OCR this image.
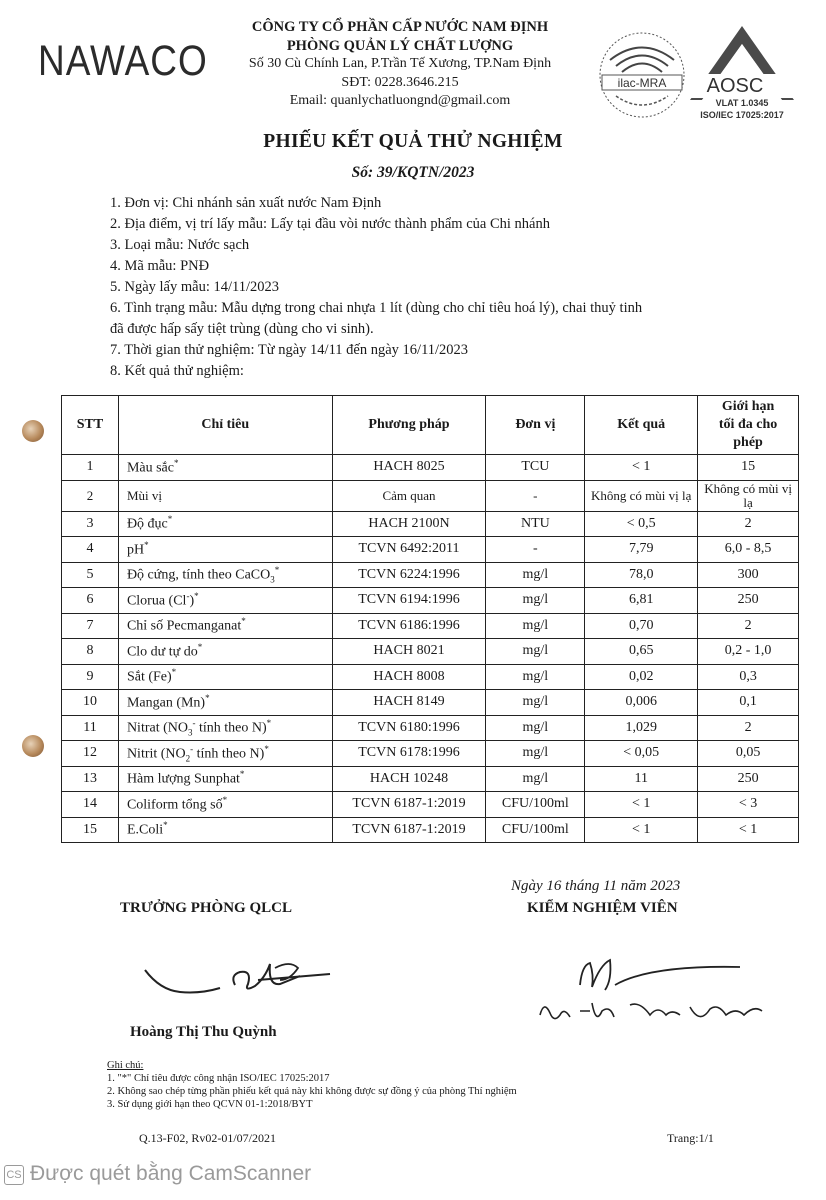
NAWACO
CÔNG TY CỔ PHẦN CẤP NƯỚC NAM ĐỊNH
PHÒNG QUẢN LÝ CHẤT LƯỢNG
Số 30 Cù Chính Lan, P.Trần Tế Xương, TP.Nam Định
SĐT: 0228.3646.215
Email: quanlychatluongnd@gmail.com
ilac-MRA AOSC
VLAT 1.0345
ISO/IEC 17025:2017
PHIẾU KẾT QUẢ THỬ NGHIỆM
Số: 39/KQTN/2023
1. Đơn vị: Chi nhánh sản xuất nước Nam Định
2. Địa điểm, vị trí lấy mẫu: Lấy tại đầu vòi nước thành phẩm của Chi nhánh
3. Loại mẫu: Nước sạch
4. Mã mẫu: PNĐ
5. Ngày lấy mẫu: 14/11/2023
6. Tình trạng mẫu: Mẫu dựng trong chai nhựa 1 lít (dùng cho chỉ tiêu hoá lý), chai thuỷ tinh
đã được hấp sấy tiệt trùng (dùng cho vi sinh).
7. Thời gian thử nghiệm: Từ ngày 14/11 đến ngày 16/11/2023
8. Kết quả thử nghiệm:
STT	Chỉ tiêu	Phương pháp	Đơn vị	Kết quả	Giới hạn
tối đa cho
phép

1	Màu sắc*	HACH 8025	TCU	< 1	15
2	Mùi vị	Cảm quan	-	Không có mùi vị lạ	Không có mùi vị lạ
3	Độ đục*	HACH 2100N	NTU	< 0,5	2
4	pH*	TCVN 6492:2011	-	7,79	6,0 - 8,5
5	Độ cứng, tính theo CaCO$_3$*	TCVN 6224:1996	mg/l	78,0	300
6	Clorua (Cl-)*	TCVN 6194:1996	mg/l	6,81	250
7	Chỉ số Pecmanganat*	TCVN 6186:1996	mg/l	0,70	2
8	Clo dư tự do*	HACH 8021	mg/l	0,65	0,2 - 1,0
9	Sắt (Fe)*	HACH 8008	mg/l	0,02	0,3
10	Mangan (Mn)*	HACH 8149	mg/l	0,006	0,1
11	Nitrat ($NO_3^-$ tính theo N)*	TCVN 6180:1996	mg/l	1,029	2
12	Nitrit ($NO_2^-$ tính theo N)*	TCVN 6178:1996	mg/l	< 0,05	0,05
13	Hàm lượng Sunphat*	HACH 10248	mg/l	11	250
14	Coliform tổng số*	TCVN 6187-1:2019	CFU/100ml	< 1	< 3
15	E.Coli*	TCVN 6187-1:2019	CFU/100ml	< 1	< 1
Ngày 16 tháng 11 năm 2023
TRƯỞNG PHÒNG QLCL	KIỂM NGHIỆM VIÊN
Hoàng Thị Thu Quỳnh
Ghi chú:
1. "*" Chỉ tiêu được công nhận ISO/IEC 17025:2017
2. Không sao chép từng phần phiếu kết quả này khi không được sự đồng ý của phòng Thí nghiệm
3. Sử dụng giới hạn theo QCVN 01-1:2018/BYT
Q.13-F02, Rv02-01/07/2021	Trang:1/1
CS Được quét bằng CamScanner
